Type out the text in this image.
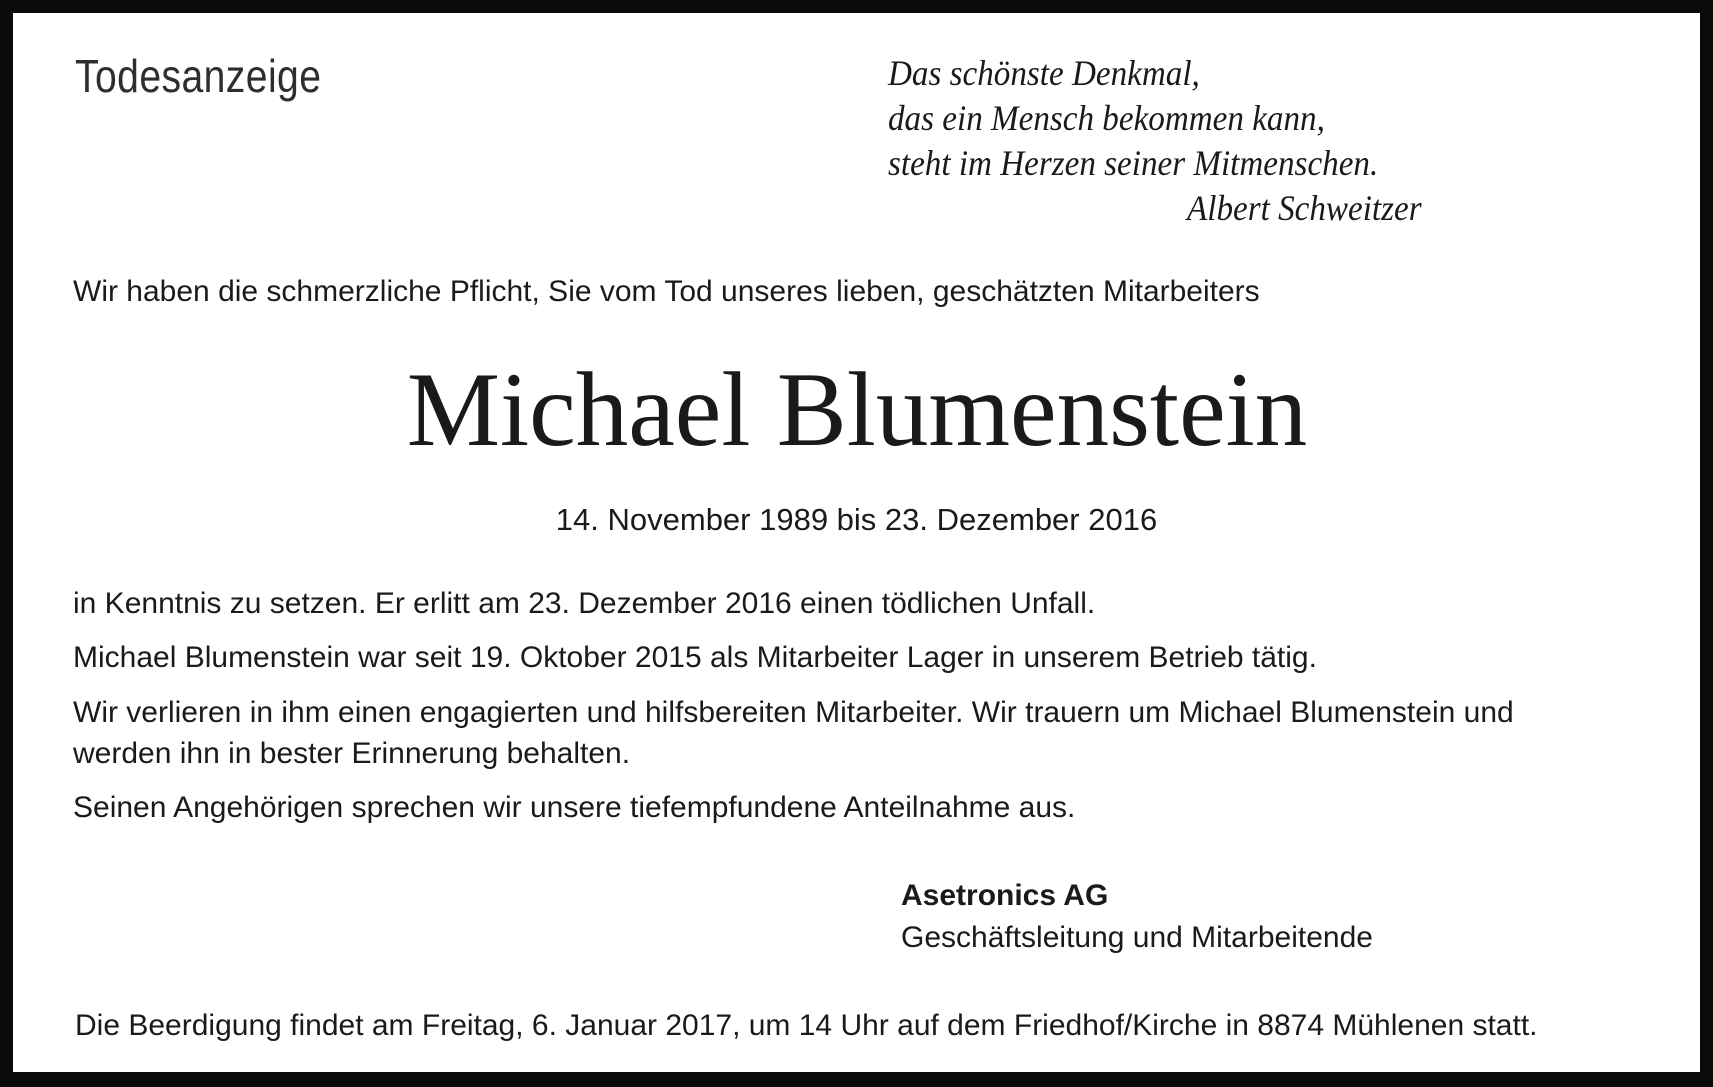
Todesanzeige	Das schönste Denkmal,
das ein Mensch bekommen kann,
steht im Herzen seiner Mitmenschen.
Albert Schweitzer
Wir haben die schmerzliche Pflicht, Sie vom Tod unseres lieben, geschätzten Mitarbeiters
Michael Blumenstein
14. November 1989 bis 23. Dezember 2016
in Kenntnis zu setzen. Er erlitt am 23. Dezember 2016 einen tödlichen Unfall.
Michael Blumenstein war seit 19. Oktober 2015 als Mitarbeiter Lager in unserem Betrieb tätig.
Wir verlieren in ihm einen engagierten und hilfsbereiten Mitarbeiter. Wir trauern um Michael Blumenstein und
werden ihn in bester Erinnerung behalten.
Seinen Angehörigen sprechen wir unsere tiefempfundene Anteilnahme aus.
Asetronics AG
Geschäftsleitung und Mitarbeitende
Die Beerdigung findet am Freitag, 6. Januar 2017, um 14 Uhr auf dem Friedhof/Kirche in 8874 Mühlenen statt.
